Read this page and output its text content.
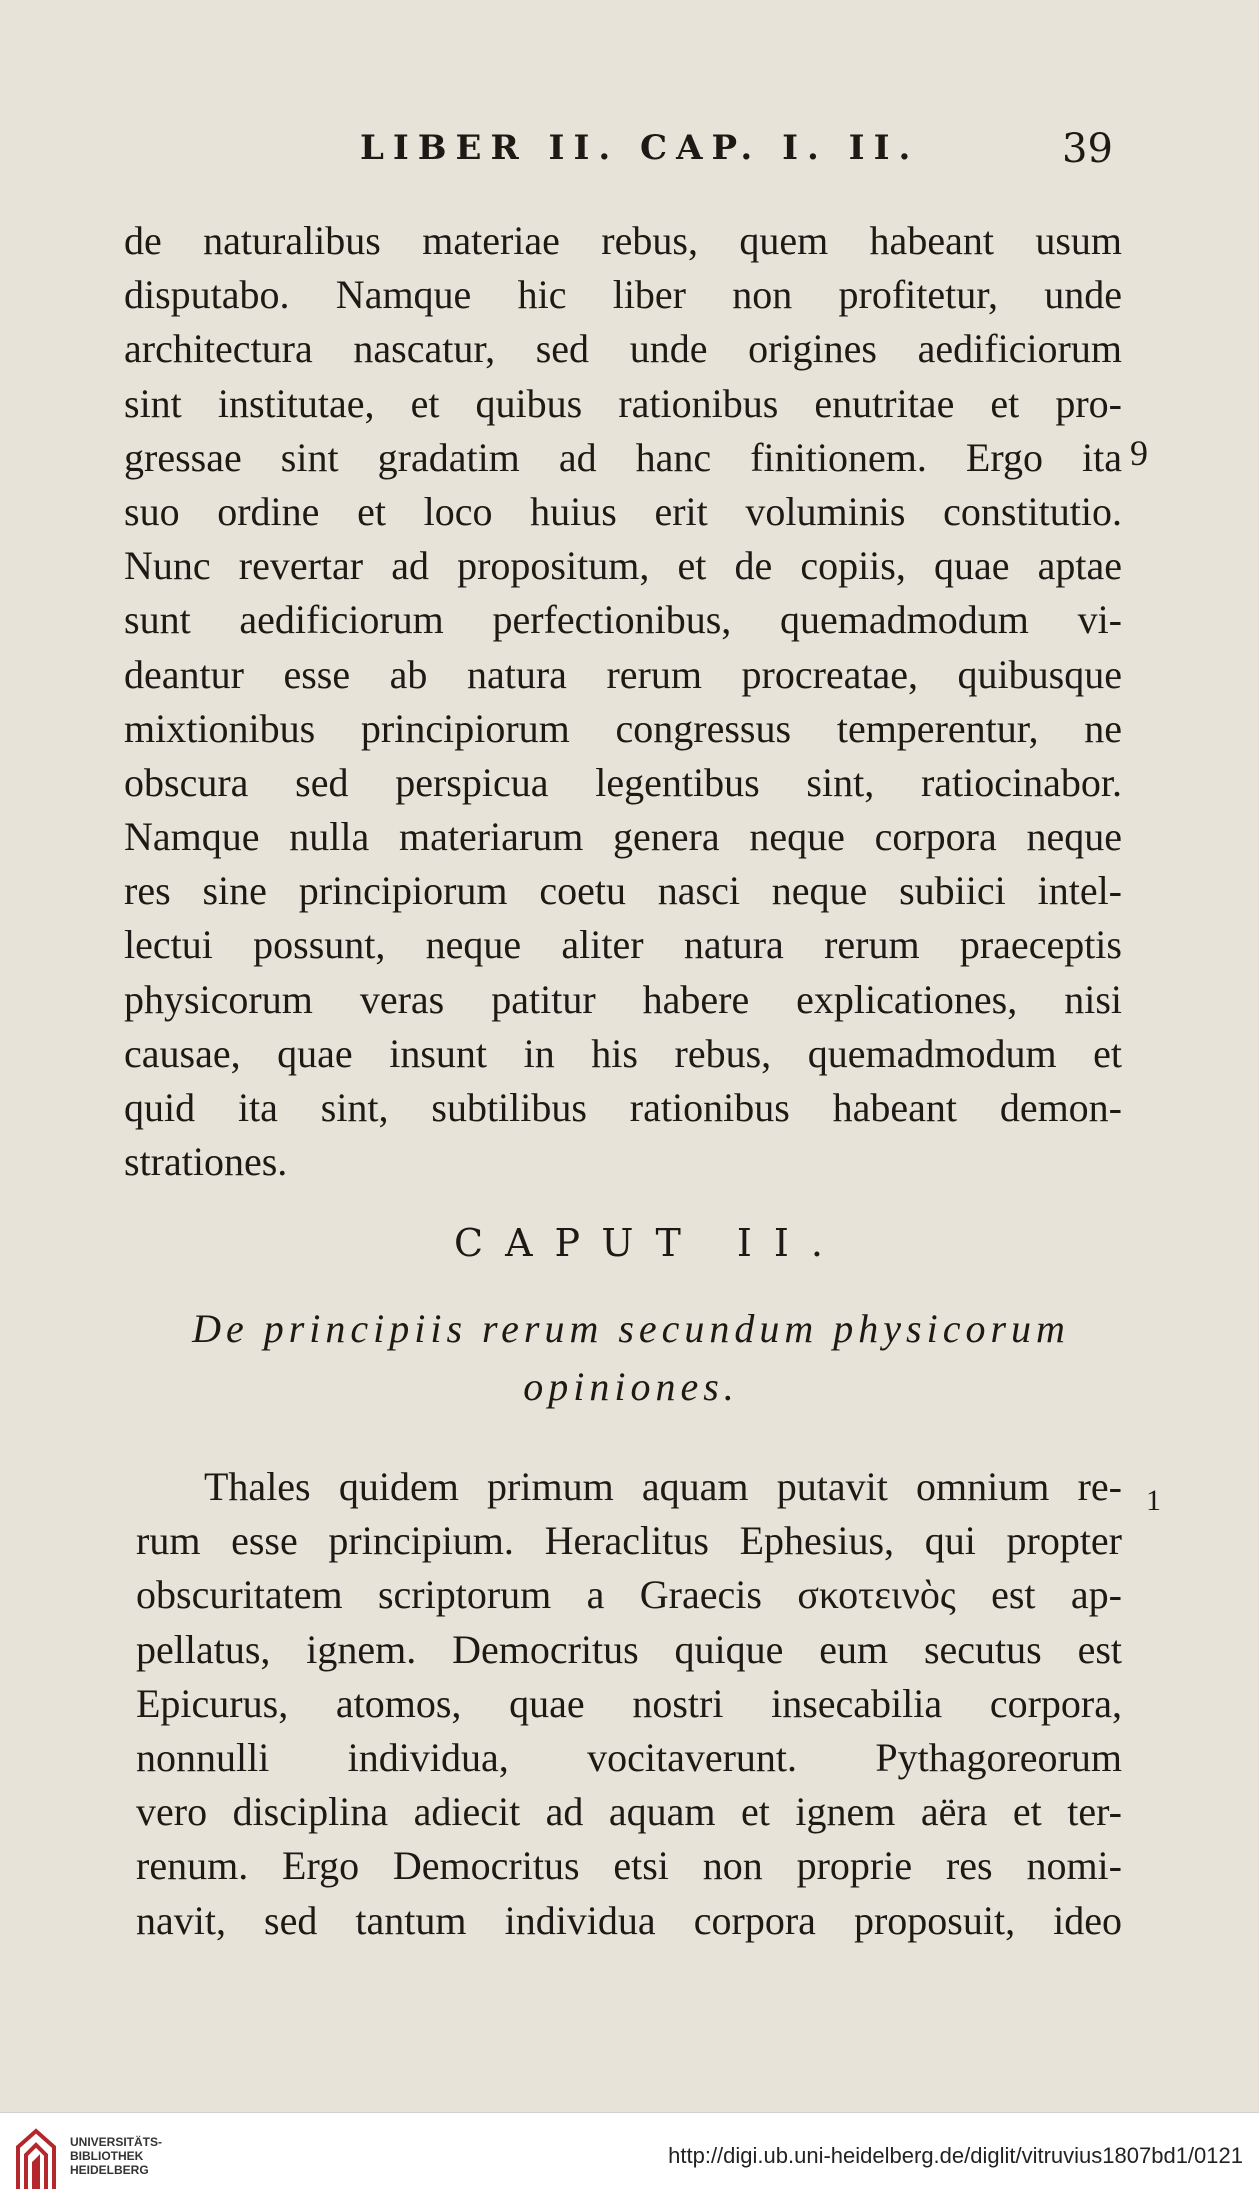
LIBER II. CAP. I. II.	39
de naturalibus materiae rebus, quem habeant usum
disputabo. Namque hic liber non profitetur, unde
architectura nascatur, sed unde origines aedificiorum
sint institutae, et quibus rationibus enutritae et pro-
gressae sint gradatim ad hanc finitionem. Ergo ita
suo ordine et loco huius erit voluminis constitutio.
Nunc revertar ad propositum, et de copiis, quae aptae
sunt aedificiorum perfectionibus, quemadmodum vi-
deantur esse ab natura rerum procreatae, quibusque
mixtionibus principiorum congressus temperentur, ne
obscura sed perspicua legentibus sint, ratiocinabor.
Namque nulla materiarum genera neque corpora neque
res sine principiorum coetu nasci neque subiici intel-
lectui possunt, neque aliter natura rerum praeceptis
physicorum veras patitur habere explicationes, nisi
causae, quae insunt in his rebus, quemadmodum et
quid ita sint, subtilibus rationibus habeant demon-
strationes.
9
CAPUT II.
De principiis rerum secundum physicorum
opiniones.
Thales quidem primum aquam putavit omnium re-
rum esse principium. Heraclitus Ephesius, qui propter
obscuritatem scriptorum a Graecis σκοτεινὸς est ap-
pellatus, ignem. Democritus quique eum secutus est
Epicurus, atomos, quae nostri insecabilia corpora,
nonnulli individua, vocitaverunt. Pythagoreorum
vero disciplina adiecit ad aquam et ignem aëra et ter-
renum. Ergo Democritus etsi non proprie res nomi-
navit, sed tantum individua corpora proposuit, ideo
1
UNIVERSITÄTS-
BIBLIOTHEK
HEIDELBERG
http://digi.ub.uni-heidelberg.de/diglit/vitruvius1807bd1/0121
